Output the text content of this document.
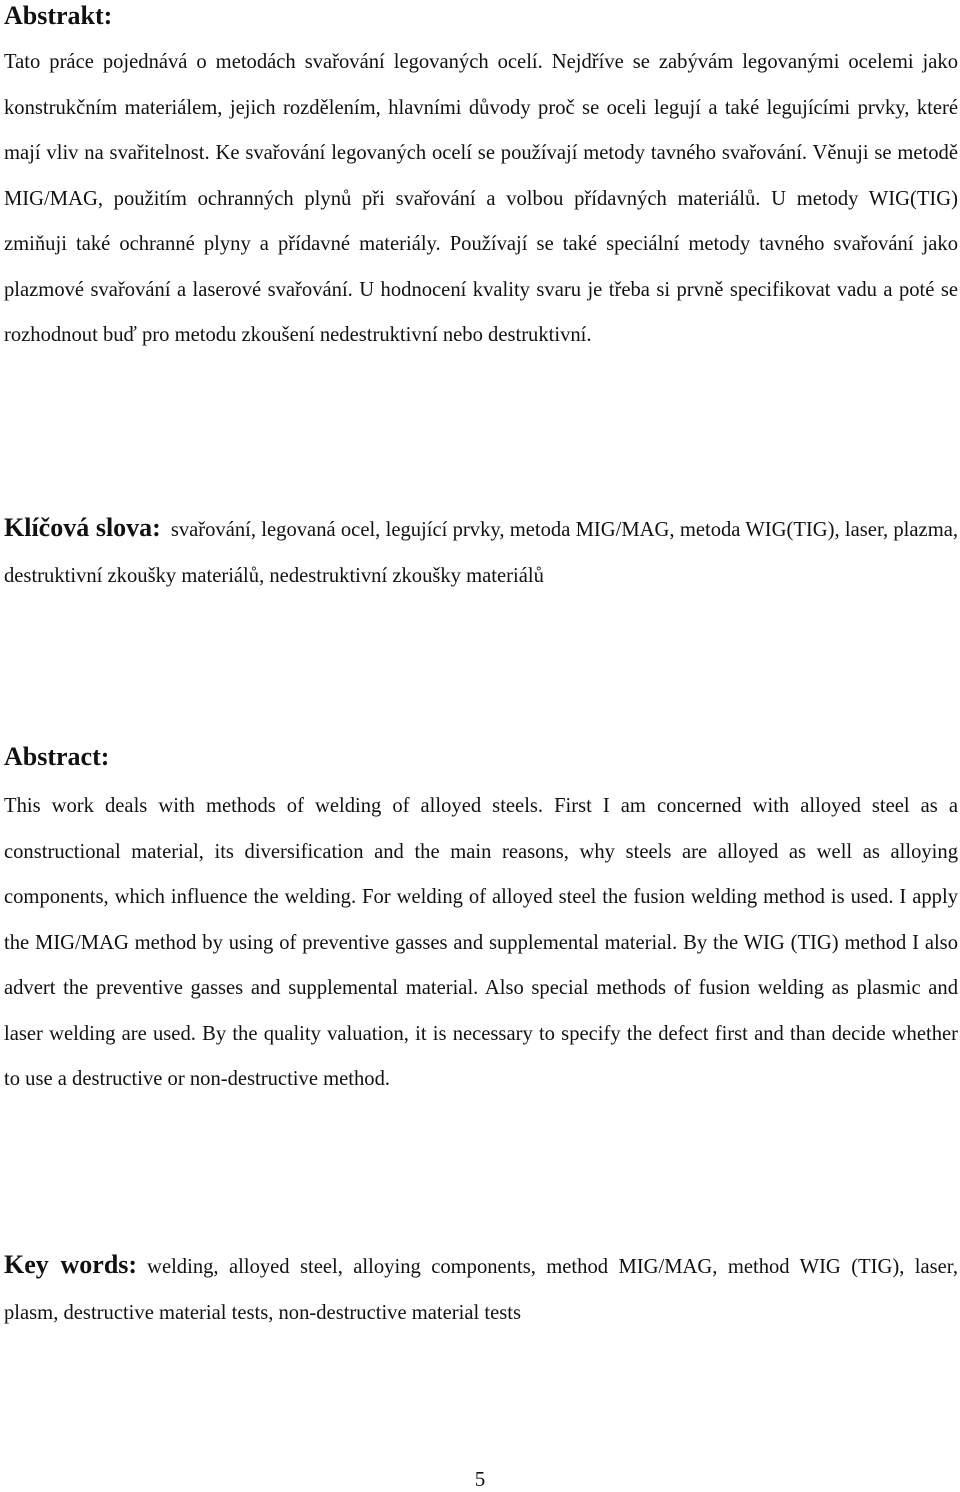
Abstrakt:

Tato práce pojednává o metodách svařování legovaných ocelí. Nejdříve se zabývám legovanými ocelemi jako konstrukčním materiálem, jejich rozdělením, hlavními důvody proč se oceli legují a také legujícími prvky, které mají vliv na svařitelnost. Ke svařování legovaných ocelí se používají metody tavného svařování. Věnuji se metodě MIG/MAG, použitím ochranných plynů při svařování a volbou přídavných materiálů. U metody WIG(TIG) zmiňuji také ochranné plyny a přídavné materiály. Používají se také speciální metody tavného svařování jako plazmové svařování a laserové svařování. U hodnocení kvality svaru je třeba si prvně specifikovat vadu a poté se rozhodnout buď pro metodu zkoušení nedestruktivní nebo destruktivní.

Klíčová slova: svařování, legovaná ocel, legující prvky, metoda MIG/MAG, metoda WIG(TIG), laser, plazma, destruktivní zkoušky materiálů, nedestruktivní zkoušky materiálů

Abstract:

This work deals with methods of welding of alloyed steels. First I am concerned with alloyed steel as a constructional material, its diversification and the main reasons, why steels are alloyed as well as alloying components, which influence the welding. For welding of alloyed steel the fusion welding method is used. I apply the MIG/MAG method by using of preventive gasses and supplemental material. By the WIG (TIG) method I also advert the preventive gasses and supplemental material. Also special methods of fusion welding as plasmic and laser welding are used. By the quality valuation, it is necessary to specify the defect first and than decide whether to use a destructive or non-destructive method.

Key words: welding, alloyed steel, alloying components, method MIG/MAG, method WIG (TIG), laser, plasm, destructive material tests, non-destructive material tests

5
